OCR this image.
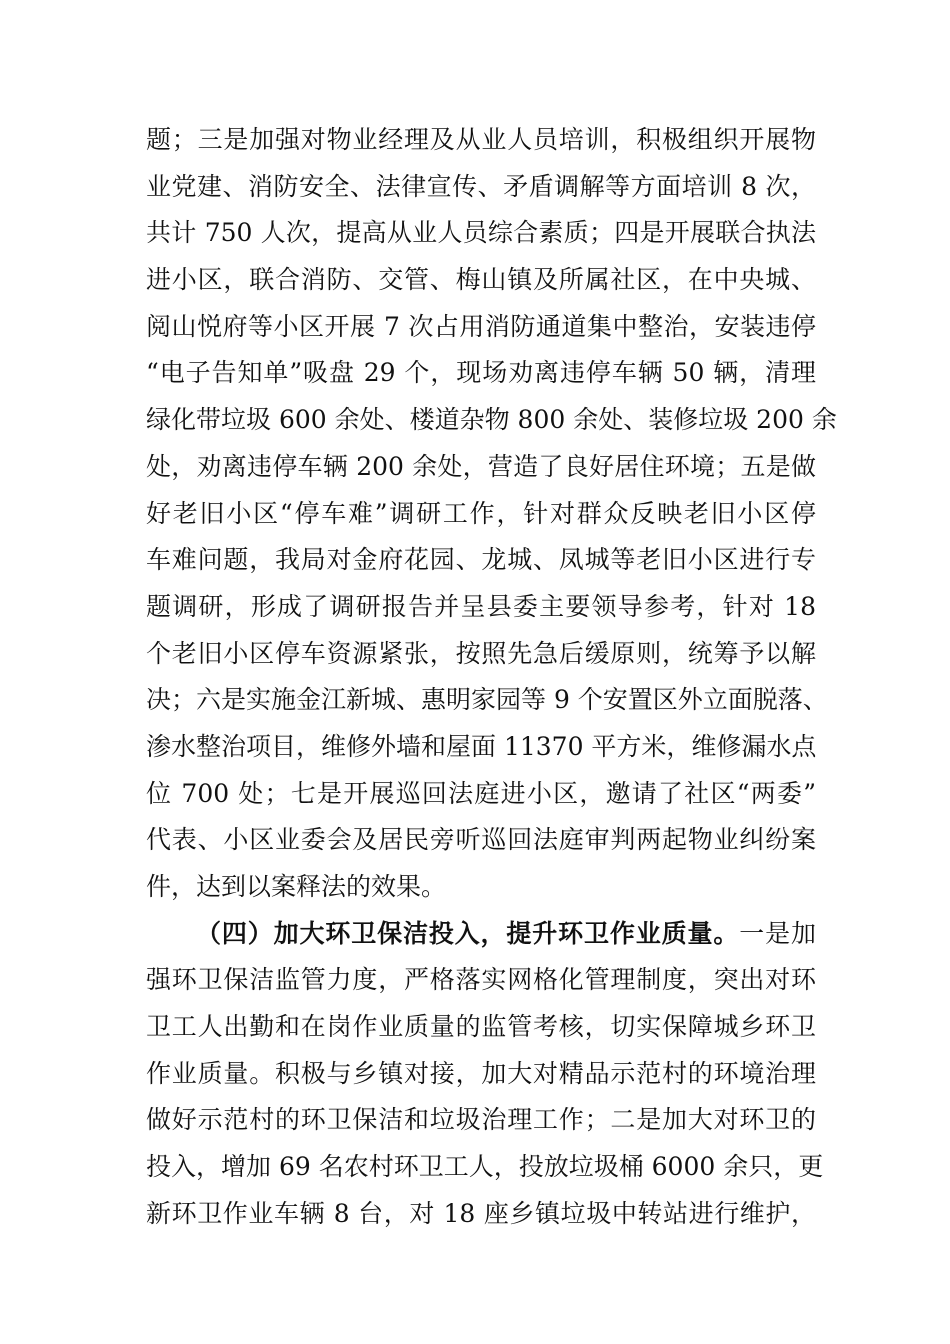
题；三是加强对物业经理及从业人员培训，积极组织开展物
业党建、消防安全、法律宣传、矛盾调解等方面培训 8 次，
共计 750 人次，提高从业人员综合素质；四是开展联合执法
进小区，联合消防、交管、梅山镇及所属社区，在中央城、
阅山悦府等小区开展 7 次占用消防通道集中整治，安装违停
“电子告知单”吸盘 29 个，现场劝离违停车辆 50 辆，清理
绿化带垃圾 600 余处、楼道杂物 800 余处、装修垃圾 200 余
处，劝离违停车辆 200 余处，营造了良好居住环境；五是做
好老旧小区“停车难”调研工作，针对群众反映老旧小区停
车难问题，我局对金府花园、龙城、凤城等老旧小区进行专
题调研，形成了调研报告并呈县委主要领导参考，针对 18
个老旧小区停车资源紧张，按照先急后缓原则，统筹予以解
决；六是实施金江新城、惠明家园等 9 个安置区外立面脱落、
渗水整治项目，维修外墙和屋面 11370 平方米，维修漏水点
位 700 处；七是开展巡回法庭进小区，邀请了社区“两委”
代表、小区业委会及居民旁听巡回法庭审判两起物业纠纷案
件，达到以案释法的效果。
（四）加大环卫保洁投入，提升环卫作业质量。一是加
强环卫保洁监管力度，严格落实网格化管理制度，突出对环
卫工人出勤和在岗作业质量的监管考核，切实保障城乡环卫
作业质量。积极与乡镇对接，加大对精品示范村的环境治理
做好示范村的环卫保洁和垃圾治理工作；二是加大对环卫的
投入，增加 69 名农村环卫工人，投放垃圾桶 6000 余只，更
新环卫作业车辆 8 台，对 18 座乡镇垃圾中转站进行维护，
